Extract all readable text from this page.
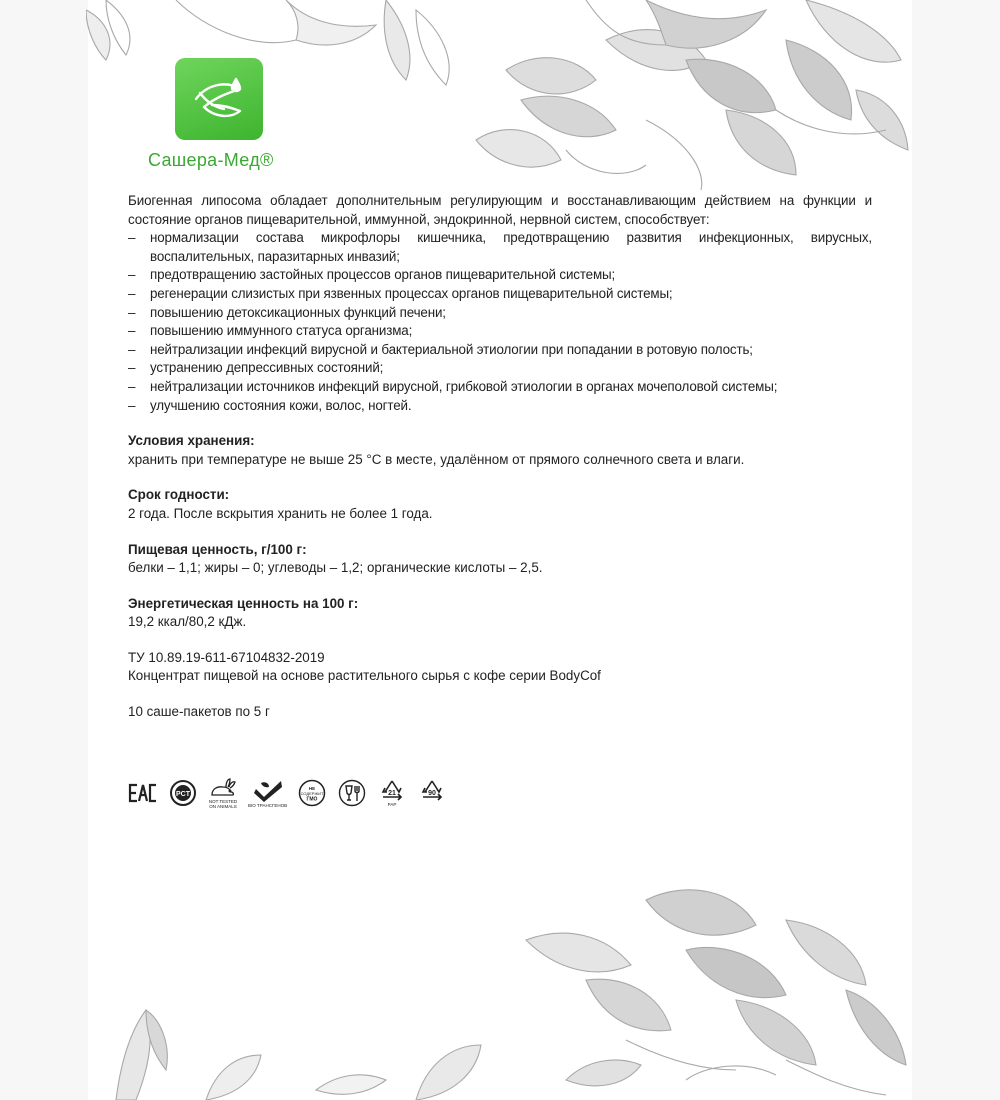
Сашера-Мед®

Биогенная липосома обладает дополнительным регулирующим и восстанавливающим действием на функции и состояние органов пищеварительной, иммунной, эндокринной, нервной систем, способствует:

– нормализации состава микрофлоры кишечника, предотвращению развития инфекционных, вирусных, воспалительных, паразитарных инвазий;
– предотвращению застойных процессов органов пищеварительной системы;
– регенерации слизистых при язвенных процессах органов пищеварительной системы;
– повышению детоксикационных функций печени;
– повышению иммунного статуса организма;
– нейтрализации инфекций вирусной и бактериальной этиологии при попадании в ротовую полость;
– устранению депрессивных состояний;
– нейтрализации источников инфекций вирусной, грибковой этиологии в органах мочеполовой системы;
– улучшению состояния кожи, волос, ногтей.

Условия хранения:

хранить при температуре не выше 25 °C в месте, удалённом от прямого солнечного света и влаги.

Срок годности:

2 года. После вскрытия хранить не более 1 года.

Пищевая ценность, г/100 г:

белки – 1,1; жиры – 0; углеводы – 1,2; органические кислоты – 2,5.

Энергетическая ценность на 100 г:

19,2 ккал/80,2 кДж.

ТУ 10.89.19-611-67104832-2019

Концентрат пищевой на основе растительного сырья с кофе серии BodyCof

10 саше-пакетов по 5 г

PCT
NOT TESTED ON ANIMALS	BIO ТРАНСГЕНОВ
НЕ
СОДЕРЖИТ
ГМО
21
PAP
90
